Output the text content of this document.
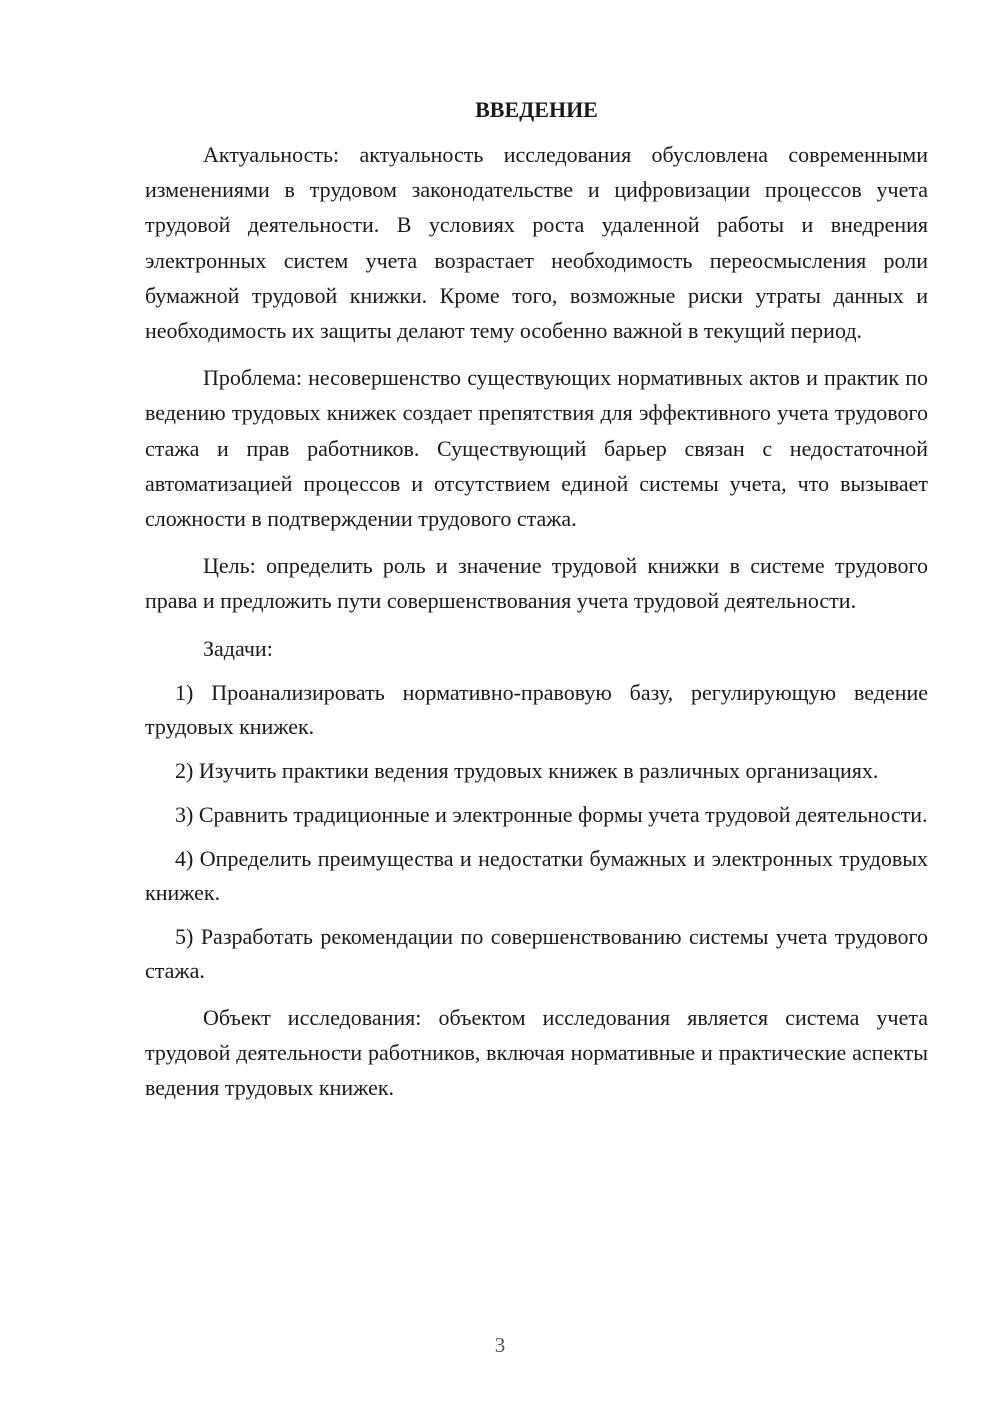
ВВЕДЕНИЕ

Актуальность: актуальность исследования обусловлена современными изменениями в трудовом законодательстве и цифровизации процессов учета трудовой деятельности. В условиях роста удаленной работы и внедрения электронных систем учета возрастает необходимость переосмысления роли бумажной трудовой книжки. Кроме того, возможные риски утраты данных и необходимость их защиты делают тему особенно важной в текущий период.

Проблема: несовершенство существующих нормативных актов и практик по ведению трудовых книжек создает препятствия для эффективного учета трудового стажа и прав работников. Существующий барьер связан с недостаточной автоматизацией процессов и отсутствием единой системы учета, что вызывает сложности в подтверждении трудового стажа.

Цель: определить роль и значение трудовой книжки в системе трудового права и предложить пути совершенствования учета трудовой деятельности.

Задачи:

1) Проанализировать нормативно-правовую базу, регулирующую ведение трудовых книжек.

2) Изучить практики ведения трудовых книжек в различных организациях.

3) Сравнить традиционные и электронные формы учета трудовой деятельности.

4) Определить преимущества и недостатки бумажных и электронных трудовых книжек.

5) Разработать рекомендации по совершенствованию системы учета трудового стажа.

Объект исследования: объектом исследования является система учета трудовой деятельности работников, включая нормативные и практические аспекты ведения трудовых книжек.

3
